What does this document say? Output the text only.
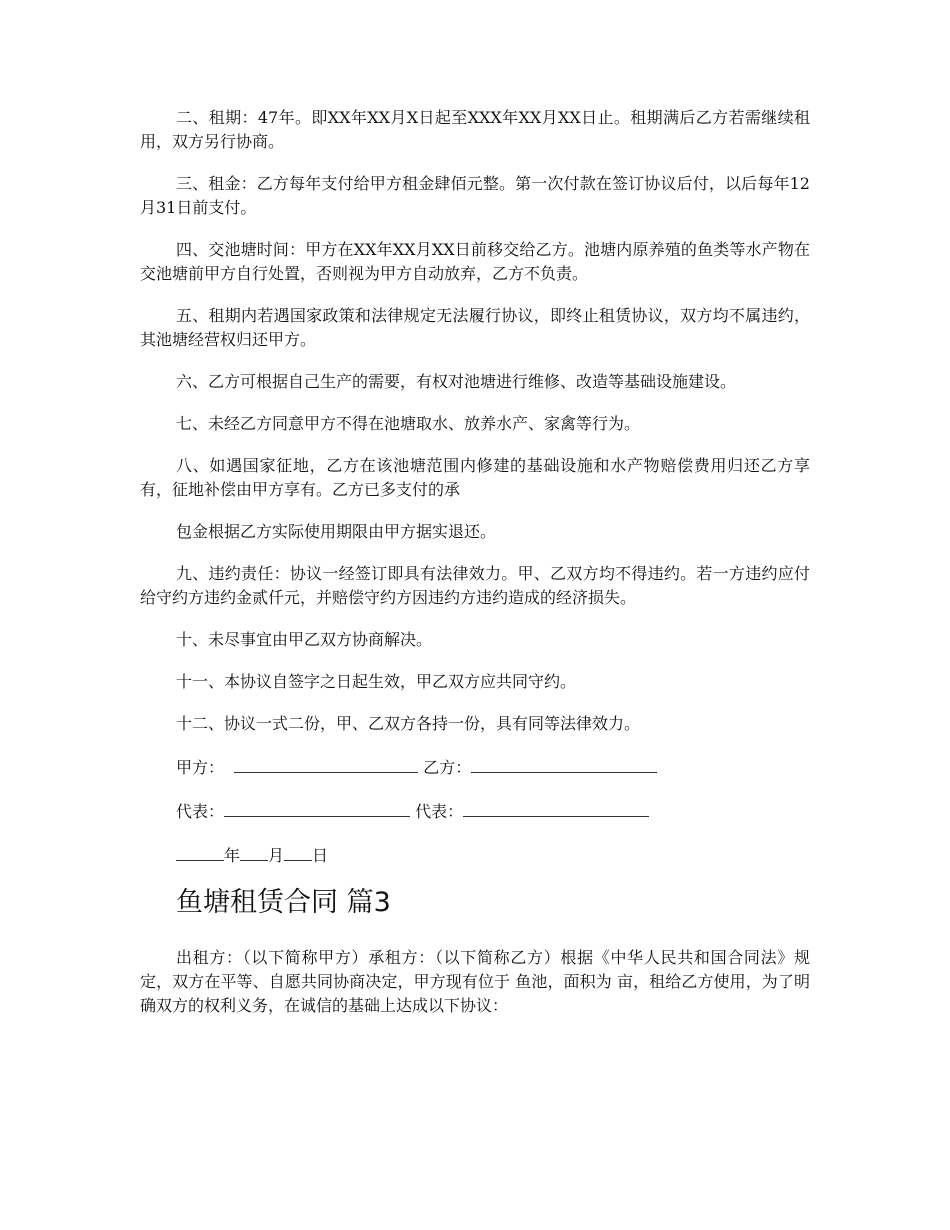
二、租期：47年。即XX年XX月X日起至XXX年XX月XX日止。租期满后乙方若需继续租用，双方另行协商。

三、租金：乙方每年支付给甲方租金肆佰元整。第一次付款在签订协议后付，以后每年12月31日前支付。

四、交池塘时间：甲方在XX年XX月XX日前移交给乙方。池塘内原养殖的鱼类等水产物在交池塘前甲方自行处置，否则视为甲方自动放弃，乙方不负责。

五、租期内若遇国家政策和法律规定无法履行协议，即终止租赁协议，双方均不属违约，其池塘经营权归还甲方。

六、乙方可根据自己生产的需要，有权对池塘进行维修、改造等基础设施建设。

七、未经乙方同意甲方不得在池塘取水、放养水产、家禽等行为。

八、如遇国家征地，乙方在该池塘范围内修建的基础设施和水产物赔偿费用归还乙方享有，征地补偿由甲方享有。乙方已多支付的承

包金根据乙方实际使用期限由甲方据实退还。

九、违约责任：协议一经签订即具有法律效力。甲、乙双方均不得违约。若一方违约应付给守约方违约金贰仟元，并赔偿守约方因违约方违约造成的经济损失。

十、未尽事宜由甲乙双方协商解决。

十一、本协议自签字之日起生效，甲乙双方应共同守约。

十二、协议一式二份，甲、乙双方各持一份，具有同等法律效力。

甲方：	乙方：
代表：	代表：
年 月 日
鱼塘租赁合同 篇3

出租方：（以下简称甲方）承租方：（以下简称乙方）根据《中华人民共和国合同法》规定，双方在平等、自愿共同协商决定，甲方现有位于 鱼池，面积为 亩，租给乙方使用，为了明确双方的权利义务，在诚信的基础上达成以下协议：
